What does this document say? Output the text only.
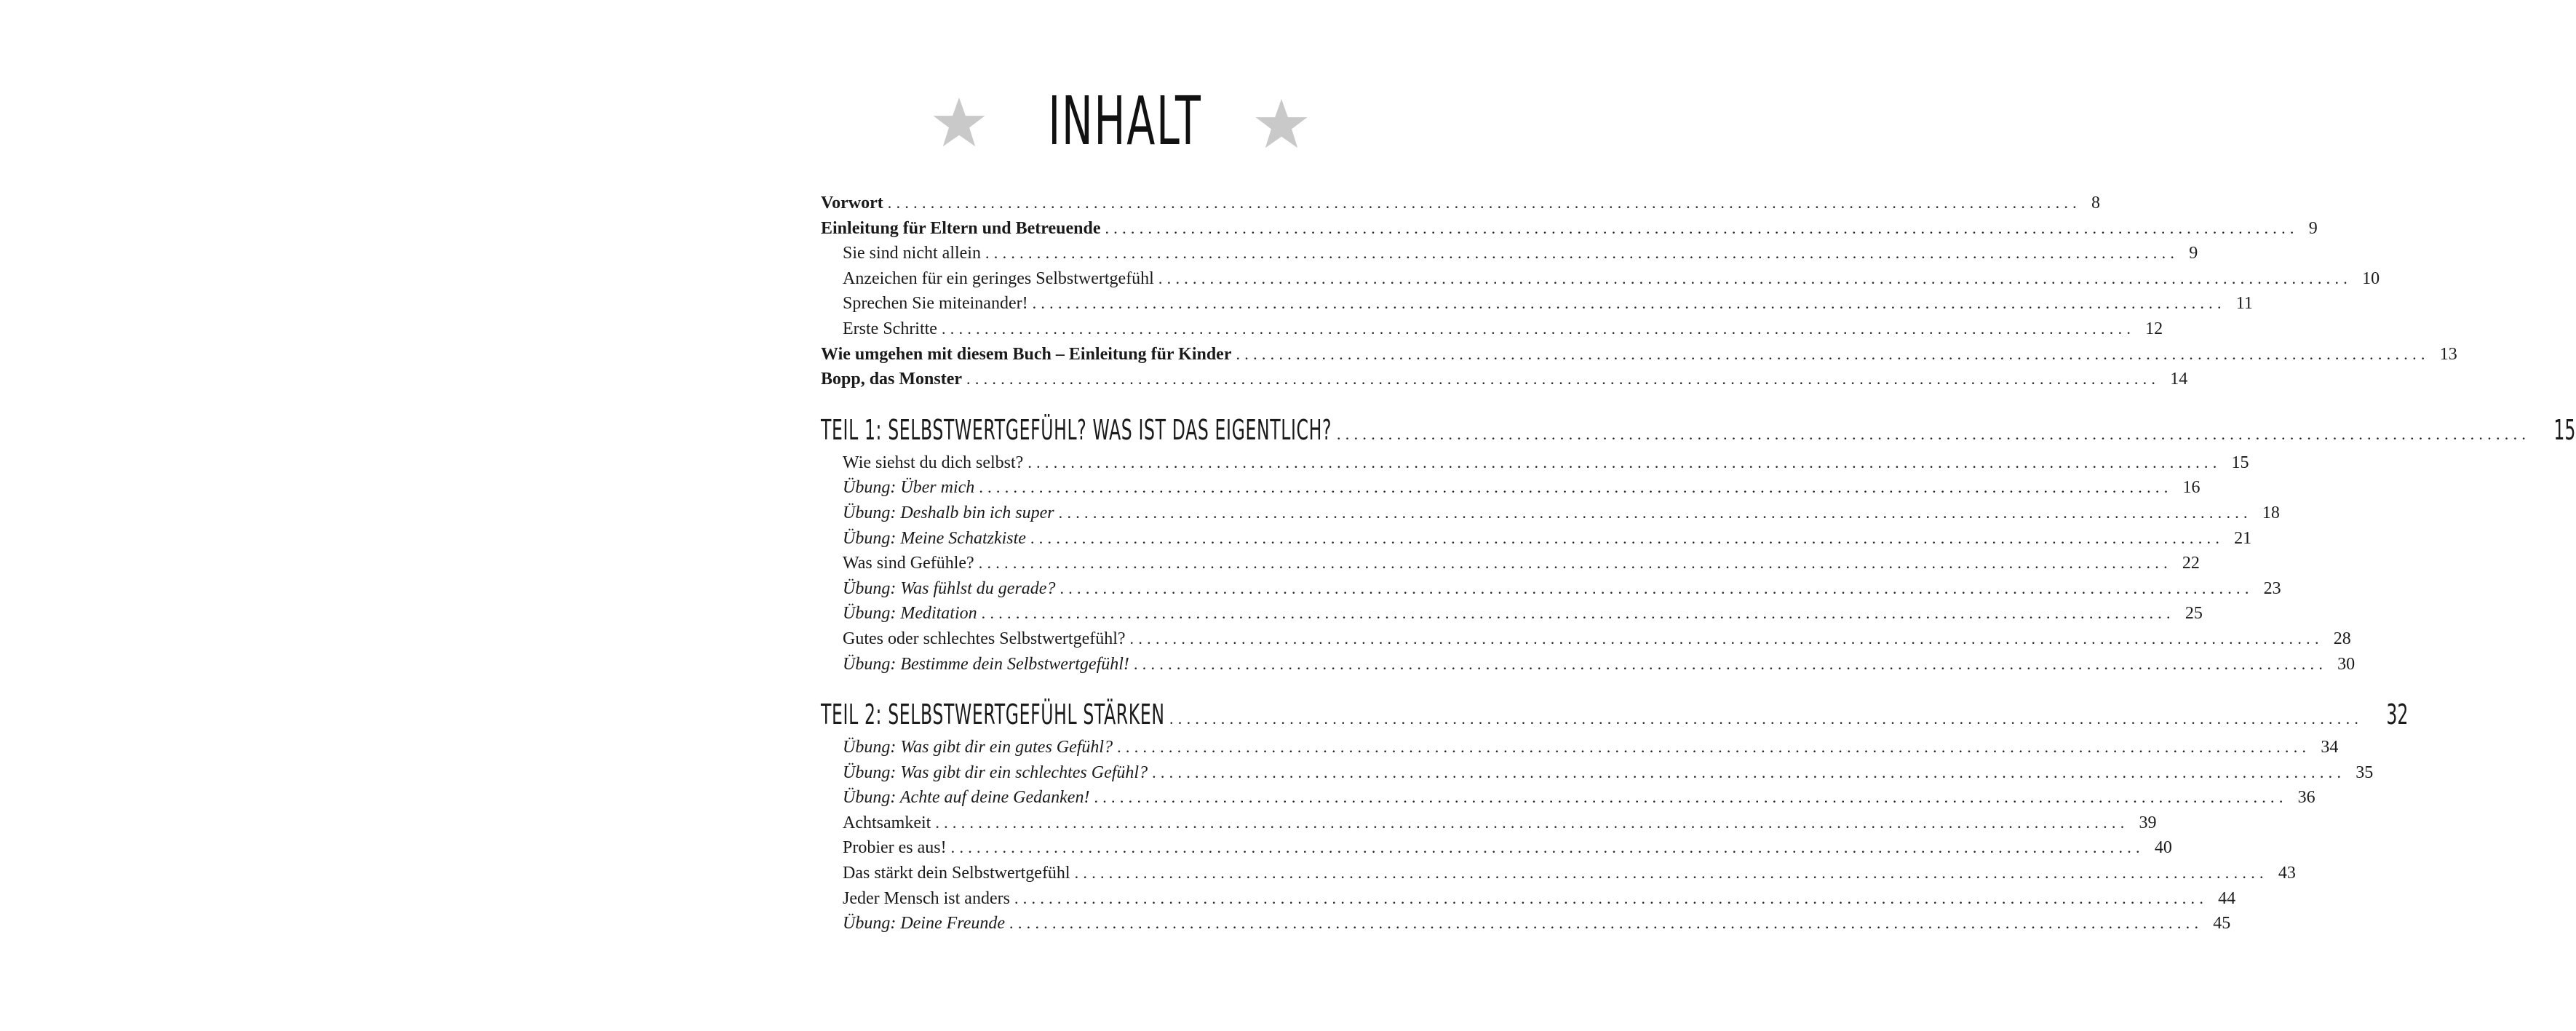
INHALT
Vorwort ........................................................................................................................................... 8
Einleitung für Eltern und Betreuende ........................................................................................................................................... 9
Sie sind nicht allein ........................................................................................................................................... 9
Anzeichen für ein geringes Selbstwertgefühl ........................................................................................................................................... 10
Sprechen Sie miteinander! ........................................................................................................................................... 11
Erste Schritte ........................................................................................................................................... 12
Wie umgehen mit diesem Buch – Einleitung für Kinder ........................................................................................................................................... 13
Bopp, das Monster ........................................................................................................................................... 14
TEIL 1: SELBSTWERTGEFÜHL? WAS IST DAS EIGENTLICH? ........................................................................................................................................... 15
Wie siehst du dich selbst? ........................................................................................................................................... 15
Übung: Über mich ........................................................................................................................................... 16
Übung: Deshalb bin ich super ........................................................................................................................................... 18
Übung: Meine Schatzkiste ........................................................................................................................................... 21
Was sind Gefühle? ........................................................................................................................................... 22
Übung: Was fühlst du gerade? ........................................................................................................................................... 23
Übung: Meditation ........................................................................................................................................... 25
Gutes oder schlechtes Selbstwertgefühl? ........................................................................................................................................... 28
Übung: Bestimme dein Selbstwertgefühl! ........................................................................................................................................... 30
TEIL 2: SELBSTWERTGEFÜHL STÄRKEN ........................................................................................................................................... 32
Übung: Was gibt dir ein gutes Gefühl? ........................................................................................................................................... 34
Übung: Was gibt dir ein schlechtes Gefühl? ........................................................................................................................................... 35
Übung: Achte auf deine Gedanken! ........................................................................................................................................... 36
Achtsamkeit ........................................................................................................................................... 39
Probier es aus! ........................................................................................................................................... 40
Das stärkt dein Selbstwertgefühl ........................................................................................................................................... 43
Jeder Mensch ist anders ........................................................................................................................................... 44
Übung: Deine Freunde ........................................................................................................................................... 45
